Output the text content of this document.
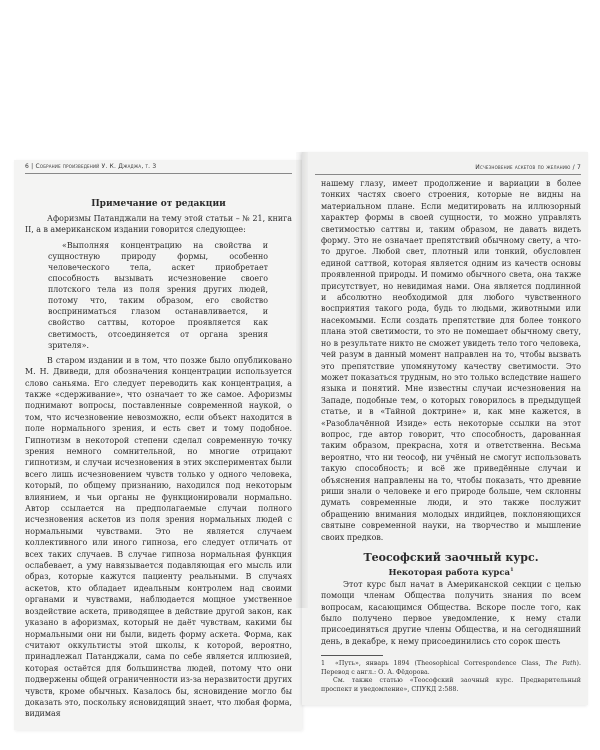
6 | Собрание произведений У. К. Джаджа, т. 3
Примечание от редакции

Афоризмы Патанджали на тему этой статьи – № 21, книга II, а в американском издании говорится следующее:

«Выполняя концентрацию на свойства и сущностную природу формы, особенно человеческого тела, аскет приобретает способность вызывать исчезновение своего плотского тела из поля зрения других людей, потому что, таким образом, его свойство восприниматься глазом останавливается, и свойство саттвы, которое проявляется как светимость, отсоединяется от органа зрения зрителя».

В старом издании и в том, что позже было опубликовано М. Н. Двиведи, для обозначения концентрации используется слово саньяма. Его следует переводить как концентрация, а также «сдерживание», что означает то же самое. Афоризмы поднимают вопросы, поставленные современной наукой, о том, что исчезновение невозможно, если объект находится в поле нормального зрения, и есть свет и тому подобное. Гипнотизм в некоторой степени сделал современную точку зрения немного сомнительной, но многие отрицают гипнотизм, и случаи исчезновения в этих экспериментах были всего лишь исчезновением чувств только у одного человека, который, по общему признанию, находился под некоторым влиянием, и чьи органы не функционировали нормально. Автор ссылается на предполагаемые случаи полного исчезновения аскетов из поля зрения нормальных людей с нормальными чувствами. Это не является случаем коллективного или иного гипноза, его следует отличать от всех таких случаев. В случае гипноза нормальная функция ослабевает, а уму навязывается подавляющая его мысль или образ, которые кажутся пациенту реальными. В случаях аскетов, кто обладает идеальным контролем над своими органами и чувствами, наблюдается мощное умственное воздействие аскета, приводящее в действие другой закон, как указано в афоризмах, который не даёт чувствам, какими бы нормальными они ни были, видеть форму аскета. Форма, как считают оккультисты этой школы, к которой, вероятно, принадлежал Патанджали, сама по себе является иллюзией, которая остаётся для большинства людей, потому что они подвержены общей ограниченности из-за неразвитости других чувств, кроме обычных. Казалось бы, ясновидение могло бы доказать это, поскольку ясновидящий знает, что любая форма, видимая

Исчезновение аскетов по желанию / 7

нашему глазу, имеет продолжение и вариации в более тонких частях своего строения, которые не видны на материальном плане. Если медитировать на иллюзорный характер формы в своей сущности, то можно управлять светимостью саттвы и, таким образом, не давать видеть форму. Это не означает препятствий обычному свету, а что-то другое. Любой свет, плотный или тонкий, обусловлен единой саттвой, которая является одним из качеств основы проявленной природы. И помимо обычного света, она также присутствует, но невидимая нами. Она является подлинной и абсолютно необходимой для любого чувственного восприятия такого рода, будь то людьми, животными или насекомыми. Если создать препятствие для более тонкого плана этой светимости, то это не помешает обычному свету, но в результате никто не сможет увидеть тело того человека, чей разум в данный момент направлен на то, чтобы вызвать это препятствие упомянутому качеству светимости. Это может показаться трудным, но это только вследствие нашего языка и понятий. Мне известны случаи исчезновения на Западе, подобные тем, о которых говорилось в предыдущей статье, и в «Тайной доктрине» и, как мне кажется, в «Разоблачённой Изиде» есть некоторые ссылки на этот вопрос, где автор говорит, что способность, дарованная таким образом, прекрасна, хотя и ответственна. Весьма вероятно, что ни теософ, ни учёный не смогут использовать такую способность; и всё же приведённые случаи и объяснения направлены на то, чтобы показать, что древние риши знали о человеке и его природе больше, чем склонны думать современные люди, и это также послужит обращению внимания молодых индийцев, поклоняющихся святыне современной науки, на творчество и мышление своих предков.

Теософский заочный курс.
Некоторая работа курса$^1$

Этот курс был начат в Американской секции с целью помощи членам Общества получить знания по всем вопросам, касающимся Общества. Вскоре после того, как было получено первое уведомление, к нему стали присоединяться другие члены Общества, и на сегодняшний день, в декабре, к нему присоединились сто сорок шесть

1 «Путь», январь 1894 (Theosophical Correspondence Class, The Path). Перевод с англ.: О. А. Фёдорова.

См. также статью «Теософский заочный курс. Предварительный проспект и уведомление», СПУКД 2:588.
